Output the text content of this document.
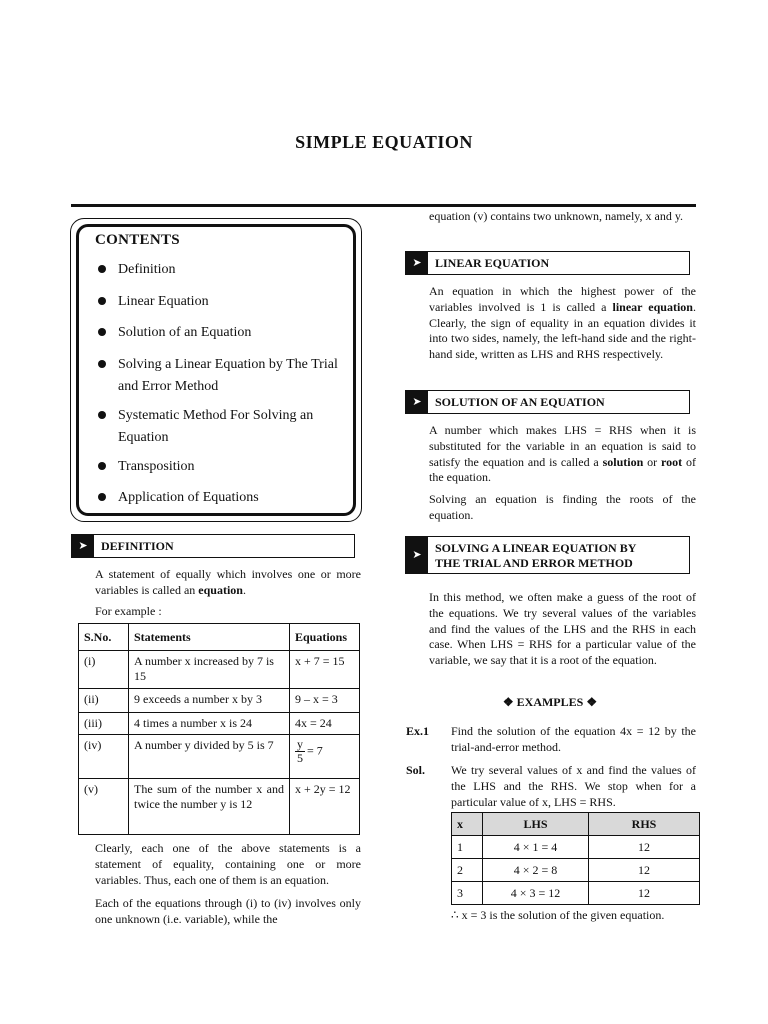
SIMPLE EQUATION
CONTENTS
Definition
Linear Equation
Solution of an Equation
Solving a Linear Equation by The Trial and Error Method
Systematic Method For Solving an Equation
Transposition
Application of Equations
➤	DEFINITION
A statement of equally which involves one or more variables is called an equation.
For example :
S.No.	Statements	Equations
(i)	A number x increased by 7 is 15	x + 7 = 15
(ii)	9 exceeds a number x by 3	9 – x = 3
(iii)	4 times a number x is 24	4x = 24
(iv)	A number y divided by 5 is 7	$\frac{y}{5} = 7$
(v)	The sum of the number x and twice the number y is 12	x + 2y = 12
Clearly, each one of the above statements is a statement of equality, containing one or more variables. Thus, each one of them is an equation.
Each of the equations through (i) to (iv) involves only one unknown (i.e. variable), while the
equation (v) contains two unknown, namely, x and y.
➤	LINEAR EQUATION
An equation in which the highest power of the variables involved is 1 is called a linear equation. Clearly, the sign of equality in an equation divides it into two sides, namely, the left-hand side and the right-hand side, written as LHS and RHS respectively.
➤	SOLUTION OF AN EQUATION
A number which makes LHS = RHS when it is substituted for the variable in an equation is said to satisfy the equation and is called a solution or root of the equation.
Solving an equation is finding the roots of the equation.
➤	SOLVING A LINEAR EQUATION BY
THE TRIAL AND ERROR METHOD
In this method, we often make a guess of the root of the equations. We try several values of the variables and find the values of the LHS and the RHS in each case. When LHS = RHS for a particular value of the variable, we say that it is a root of the equation.
❖ EXAMPLES ❖
Ex.1 Find the solution of the equation 4x = 12 by the trial-and-error method.
Sol. We try several values of x and find the values of the LHS and the RHS. We stop when for a particular value of x, LHS = RHS.
x	LHS	RHS
1	4 × 1 = 4	12
2	4 × 2 = 8	12
3	4 × 3 = 12	12
∴ x = 3 is the solution of the given equation.
